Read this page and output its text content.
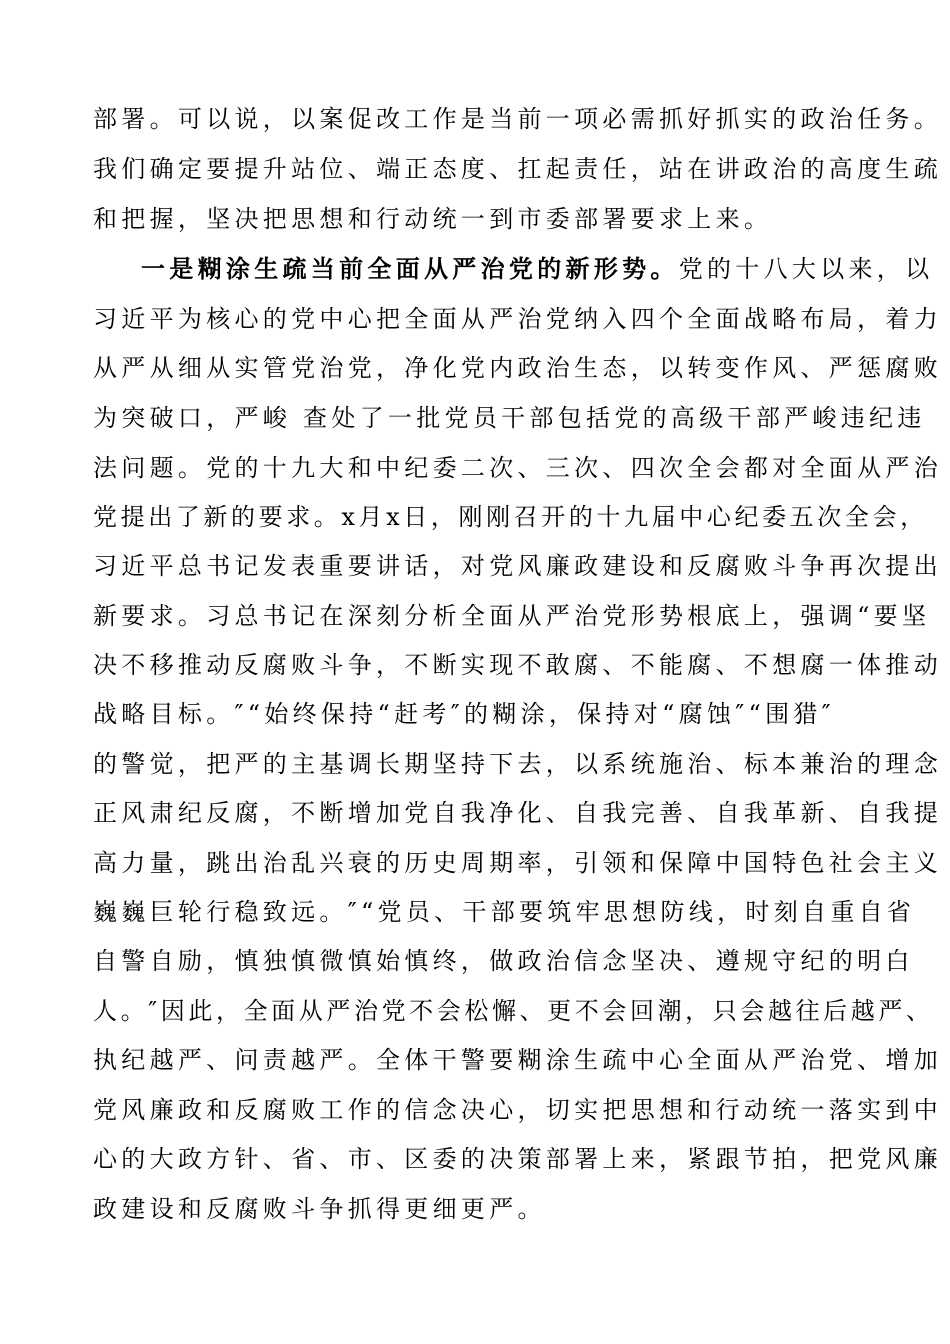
部署。可以说，以案促改工作是当前一项必需抓好抓实的政治任务。

我们确定要提升站位、端正态度、扛起责任，站在讲政治的高度生疏

和把握，坚决把思想和行动统一到市委部署要求上来。

一是糊涂生疏当前全面从严治党的新形势。党的十八大以来，以

习近平为核心的党中心把全面从严治党纳入四个全面战略布局，着力

从严从细从实管党治党，净化党内政治生态，以转变作风、严惩腐败

为突破口，严峻 查处了一批党员干部包括党的高级干部严峻违纪违

法问题。党的十九大和中纪委二次、三次、四次全会都对全面从严治

党提出了新的要求。x月x日，刚刚召开的十九届中心纪委五次全会，

习近平总书记发表重要讲话，对党风廉政建设和反腐败斗争再次提出

新要求。习总书记在深刻分析全面从严治党形势根底上，强调“要坚

决不移推动反腐败斗争，不断实现不敢腐、不能腐、不想腐一体推动

战略目标。″“始终保持“赶考″的糊涂，保持对“腐蚀″“围猎″

的警觉，把严的主基调长期坚持下去，以系统施治、标本兼治的理念

正风肃纪反腐，不断增加党自我净化、自我完善、自我革新、自我提

高力量，跳出治乱兴衰的历史周期率，引领和保障中国特色社会主义

巍巍巨轮行稳致远。″“党员、干部要筑牢思想防线，时刻自重自省

自警自励，慎独慎微慎始慎终，做政治信念坚决、遵规守纪的明白

人。″因此，全面从严治党不会松懈、更不会回潮，只会越往后越严、

执纪越严、问责越严。全体干警要糊涂生疏中心全面从严治党、增加

党风廉政和反腐败工作的信念决心，切实把思想和行动统一落实到中

心的大政方针、省、市、区委的决策部署上来，紧跟节拍，把党风廉

政建设和反腐败斗争抓得更细更严。
